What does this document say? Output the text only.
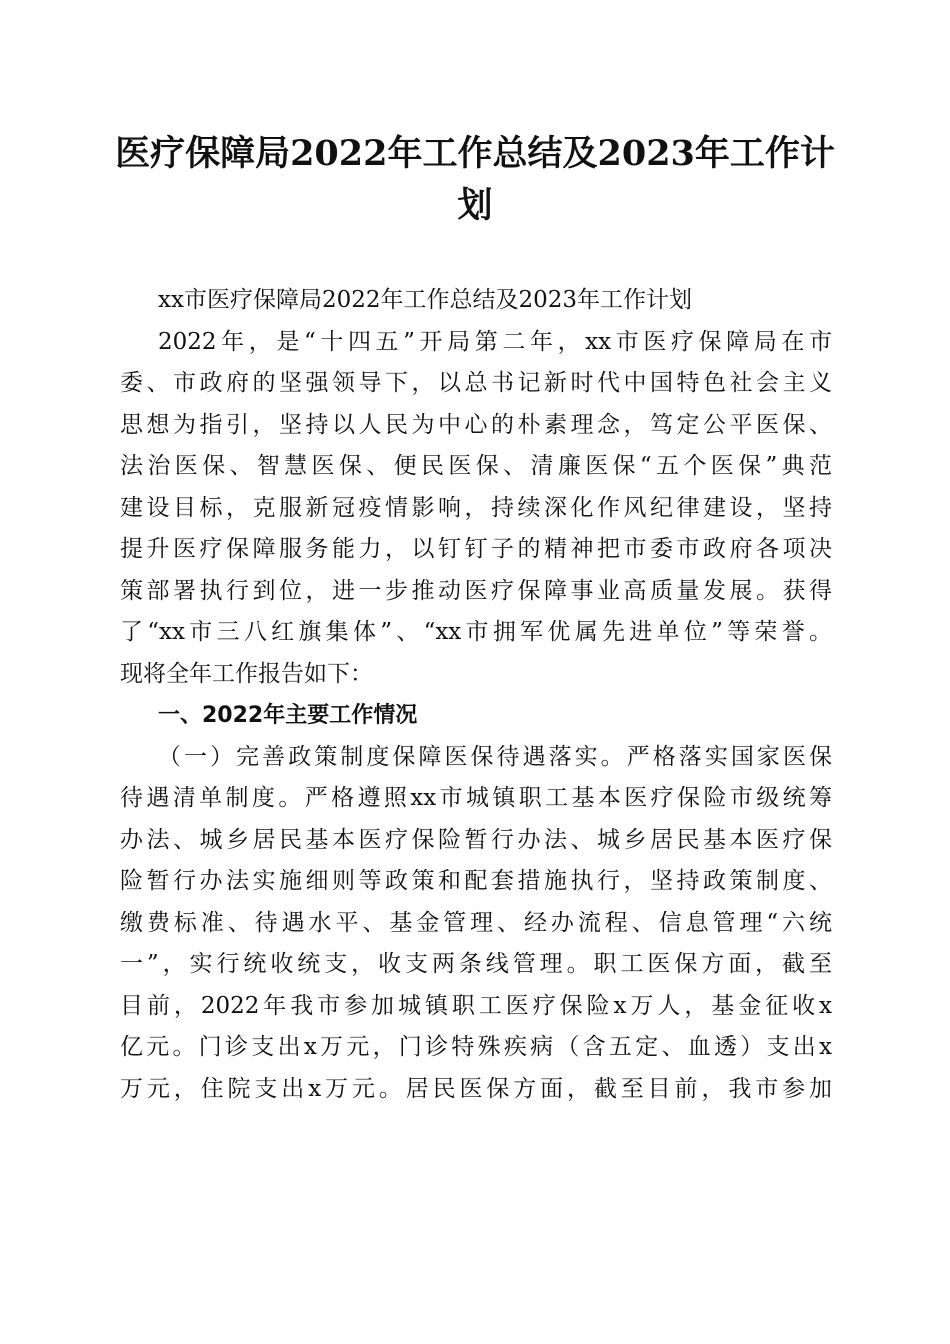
医疗保障局2022年工作总结及2023年工作计
划
xx市医疗保障局2022年工作总结及2023年工作计划
2022年，是“十四五”开局第二年，xx市医疗保障局在市
委、市政府的坚强领导下，以总书记新时代中国特色社会主义
思想为指引，坚持以人民为中心的朴素理念，笃定公平医保、
法治医保、智慧医保、便民医保、清廉医保“五个医保”典范
建设目标，克服新冠疫情影响，持续深化作风纪律建设，坚持
提升医疗保障服务能力，以钉钉子的精神把市委市政府各项决
策部署执行到位，进一步推动医疗保障事业高质量发展。获得
了“xx市三八红旗集体”、“xx市拥军优属先进单位”等荣誉。
现将全年工作报告如下：
一、2022年主要工作情况
（一）完善政策制度保障医保待遇落实。严格落实国家医保
待遇清单制度。严格遵照xx市城镇职工基本医疗保险市级统筹
办法、城乡居民基本医疗保险暂行办法、城乡居民基本医疗保
险暂行办法实施细则等政策和配套措施执行，坚持政策制度、
缴费标准、待遇水平、基金管理、经办流程、信息管理“六统
一”，实行统收统支，收支两条线管理。职工医保方面，截至
目前，2022年我市参加城镇职工医疗保险x万人，基金征收x
亿元。门诊支出x万元，门诊特殊疾病（含五定、血透）支出x
万元，住院支出x万元。居民医保方面，截至目前，我市参加
